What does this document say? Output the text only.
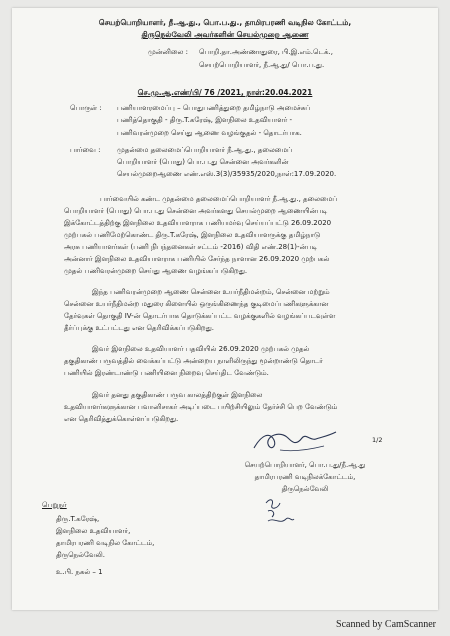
செயற்பொறியாளர், நீ.ஆ.து., பொ.ப.து., தாமிரபரணி வடிநில கோட்டம்,
திருநெல்வேலி அவர்களின் செயல்முறை ஆணை
முன்னிலை : பொறி.தா.அண்ணாதுரை, பி.இ.எம்.டெக்.,
செயற்பொறியாளர், நீ.ஆ.து/ பொ.ப.து.
செ.மு.ஆ.எண்/பி/ 76 /2021, நாள்:20.04.2021
பொருள் : பணியாளரமைப்பு – பொதுபணித்துறை தமிழ்நாடு அமைச்சுப்
பணித்தொகுதி - திரு.T.கரேஷ், இளநிலை உதவியாளர் -
பணிவரன்முறை செய்து ஆணை வழங்குதல் - தொடர்பாக.
பார்வை : முதன்மை தலைமைப்பொறியாளர் நீ.ஆ.து., தலைமைப்
பொறியாளர் (பொது) பொ.ப.து சென்னை அவர்களின்
செயல்முறைஆணை எண்.எஸ்.3(3)/35935/2020,நாள்:17.09.2020.
பார்வையில் கண்ட முதன்மை தலைமைப்பொறியாளர் நீ.ஆ.து., தலைமைப்
பொறியாளர் (பொது) பொ.ப.து சென்னை அவர்களது செயல்முறை ஆணையின்படி
இக்கோட்டத்திற்கு இளநிலை உதவியாளராக பணியமர்வு செய்யப்பட்டு 26.09.2020
முற்பகல் பணிமேற்கொண்ட திரு.T.கரேஷ், இளநிலை உதவியாளருக்கு தமிழ்நாடு
அரசு பணியாளர்கள் (பணி நிபந்தனைகள் சட்டம் -2016) விதி எண்.28(1)-ன்படி
அன்னார் இளநிலை உதவியாளராக பணியில் சேர்ந்த நாளான 26.09.2020 முற்பகல்
முதல் பணிவரன்முறை செய்து ஆணை வழங்கப்படுகிறது.
இந்த பணிவரன்முறை ஆணை சென்னை உயர்நீதிமன்றம், சென்னை மற்றும்
சென்னை உயர்நீதிமன்ற மதுரை கிளையில் ஒருங்கிணைந்த குடிமைப்பணிகளுக்கான
தேர்வுகள் தொகுதி IV-ன் தொடர்பாக தொடுக்கப்பட்ட வழக்குகளில் வழங்கப்படவுள்ள
தீர்ப்புக்கு உட்பட்டது என தெரிவிக்கப்படுகிறது.
இவர் இளநிலை உதவியாளர் பதவியில் 26.09.2020 முற்பகல் முதல்
தகுதிகாண் பருவத்தில் வைக்கப்பட்டு அன்றைய நாளிலிருந்து மூன்றாண்டு தொடர்
பணியில் இரண்டாண்டு பணியினை நிறைவு செய்திட வேண்டும்.
இவர் தனது தகுதிகாண் பருவ காலத்திற்குள் இளநிலை
உதவியாளர்களுக்கான பவானிசாகர் அடிப்படை பயிற்சியிலும் தேர்ச்சி பெற வேண்டும்
என தெரிவித்துக்கொள்ளப்படுகிறது.
1/2
செயற்பொறியாளர், பொ.ப.து/நீ.ஆ.து
தாமிரபரணி வடிநிலக்கோட்டம்,
திருநெல்வேலி
பெறுநர்
திரு.T.கரேஷ்,
இளநிலை உதவியாளர்,
தாமிரபரணி வடிநில கோட்டம்,
திருநெல்வேலி.
உ.பி. நகல் – 1
Scanned by CamScanner
